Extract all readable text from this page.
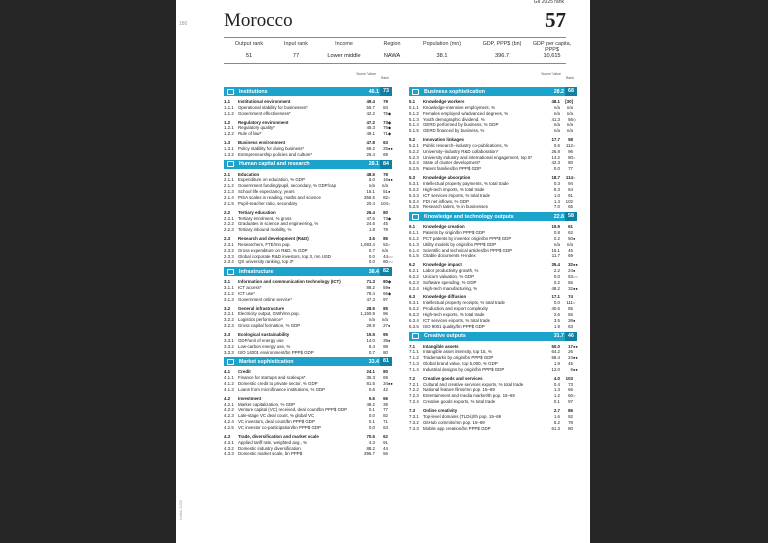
180
Index 2025
Morocco
GII 2025 rank
57
Output rank
51
Input rank
77
Income
Lower middle
Region
NAWA
Population (mn)
38.1
GDP, PPP$ (bn)
396.7
GDP per capita, PPP$
10,615
Score/ Value
Rank
Institutions	46.1 73
1.1	Institutional environment	49.4	79
1.1.1 Operational stability for businesses*	56.7	84
1.1.2 Government effectiveness*	42.2	75 ◆
1.2	Regulatory environment	47.2	73 ◆
1.2.1 Regulatory quality*	45.3	76 ◆
1.2.2 Rule of law*	49.1	71 ◆
1.3	Business environment	47.8	63
1.3.1 Policy stability for doing business*	69.2	25 ●●
1.3.2 Entrepreneurship policies and culture*	26.4	69
Human capital and research	28.1 84
2.1	Education	48.5	78
2.1.1 Expenditure on education, % GDP	6.0	16 ●●
2.1.2 Government funding/pupil, secondary, % GDP/cap	n/a	n/a
2.1.3 School life expectancy, years	15.1	51 ●
2.1.4 PISA scales in reading, maths and science	356.5	82 ○
2.1.5 Pupil–teacher ratio, secondary	20.4	104 ○
2.2	Tertiary education	26.4	80
2.2.1 Tertiary enrolment, % gross	47.5	73 ◆
2.2.2 Graduates in science and engineering, %	24.6	45
2.2.3 Tertiary inbound mobility, %	1.8	79
2.3	Research and development (R&D)	3.5	86
2.3.1 Researchers, FTE/mn pop.	1,083.4	52 ○
2.3.2 Gross expenditure on R&D, % GDP	0.7	n/a
2.3.3 Global corporate R&D investors, top 3, mn USD	0.0	44 ○○
2.3.4 QS university ranking, top 3*	0.0	80 ○○
Infrastructure	38.4 82
3.1	Information and communication technology (ICT)	71.3	80 ◆
3.1.1 ICT access*	88.2	59 ●
3.1.2 ICT use*	78.4	66 ◆
3.1.3 Government online service*	47.3	97
3.2	General infrastructure	28.5	85
3.2.1 Electricity output, GWh/mn pop.	1,150.9	96
3.2.2 Logistics performance*	n/a	n/a
3.2.3 Gross capital formation, % GDP	28.9	27 ●
3.3	Ecological sustainability	15.5	95
3.3.1 GDP/unit of energy use	14.0	39 ●
3.3.2 Low-carbon energy use, %	8.4	98
3.3.3 ISO 14001 environment/bn PPP$ GDP	0.7	80
Market sophistication	33.4 81
4.1	Credit	24.1	80
4.1.1 Finance for startups and scaleups*	35.3	69
4.1.2 Domestic credit to private sector, % GDP	81.5	34 ●●
4.1.3 Loans from microfinance institutions, % GDP	0.6	42
4.2	Investment	5.6	66
4.2.1 Market capitalization, % GDP	49.2	39
4.2.2 Venture capital (VC) received, deal count/bn PPP$ GDP	0.1	77
4.2.3 Late-stage VC deal count, % global VC	0.0	82
4.2.4 VC investors, deal count/bn PPP$ GDP	0.1	71
4.2.5 VC investor co-participation/bn PPP$ GDP	0.0	63
4.3	Trade, diversification and market scale	70.5	62
4.3.1 Applied tariff rate, weighted avg., %	4.3	91
4.3.2 Domestic industry diversification	88.2	44
4.3.3 Domestic market scale, bn PPP$	396.7	56
Score/ Value
Rank
Business sophistication	28.2 68
5.1	Knowledge workers	48.1	[30]
5.1.1 Knowledge-intensive employment, %	n/a	n/a
5.1.2 Females employed w/advanced degrees, %	n/a	n/a
5.1.3 Youth demographic dividend, %	41.3	56 ◇
5.1.4 GERD performed by business, % GDP	n/a	n/a
5.1.5 GERD financed by business, %	n/a	n/a
5.2	Innovation linkages	17.7	58
5.2.1 Public research–industry co-publications, %	0.6	112 ○
5.2.2 University–industry R&D collaboration*	26.8	96
5.2.3 University industry and international engagement, top 5*	14.2	80 ○
5.2.4 State of cluster development*	42.3	80
5.2.5 Patent families/bn PPP$ GDP	0.0	77
5.3	Knowledge absorption	18.7	114 ○
5.3.1 Intellectual property payments, % total trade	0.3	94
5.3.2 High-tech imports, % total trade	8.3	64
5.3.3 ICT services imports, % total trade	1.0	91
5.3.4 FDI net inflows, % GDP	1.4	102
5.3.5 Research talent, % in businesses	7.0	65
Knowledge and technology outputs	22.8 58
6.1	Knowledge creation	15.9	61
6.1.1 Patents by origin/bn PPP$ GDP	0.8	62
6.1.2 PCT patents by inventor origin/bn PPP$ GDP	0.2	50 ●
6.1.3 Utility models by origin/bn PPP$ GDP	n/a	n/a
6.1.4 Scientific and technical articles/bn PPP$ GDP	15.1	45
6.1.5 Citable documents H-index	11.7	69
6.2	Knowledge impact	35.4	32 ●●
6.2.1 Labor productivity growth, %	2.2	24 ●
6.2.2 Unicorn valuation, % GDP	0.0	53 ○○
6.2.3 Software spending, % GDP	0.2	55
6.2.4 High-tech manufacturing, %	48.2	32 ●●
6.3	Knowledge diffusion	17.1	74
6.3.1 Intellectual property receipts, % total trade	0.0	111 ○
6.3.2 Production and export complexity	40.6	85
6.3.3 High-tech exports, % total trade	2.6	55
6.3.4 ICT services exports, % total trade	3.5	38 ●
6.3.5 ISO 9001 quality/bn PPP$ GDP	1.9	63
Creative outputs	31.7 46
7.1	Intangible assets	50.0	17 ●●
7.1.1 Intangible asset intensity, top 15, %	64.2	26
7.1.2 Trademarks by origin/bn PPP$ GDP	58.4	24 ●●
7.1.3 Global brand value, top 5,000, % GDP	1.9	45
7.1.4 Industrial designs by origin/bn PPP$ GDP	12.0	6 ●●
7.2	Creative goods and services	4.0	103
7.2.1 Cultural and creative services exports, % total trade	0.4	73
7.2.2 National feature films/mn pop. 15–69	1.3	66
7.2.3 Entertainment and media market/th pop. 15–69	1.2	60 ○
7.2.4 Creative goods exports, % total trade	0.1	97
7.3	Online creativity	2.7	86
7.3.1 Top-level domains (TLDs)/th pop. 15–69	1.6	92
7.3.2 GitHub commits/mn pop. 15–69	5.2	78
7.3.3 Mobile app creation/bn PPP$ GDP	61.3	80
